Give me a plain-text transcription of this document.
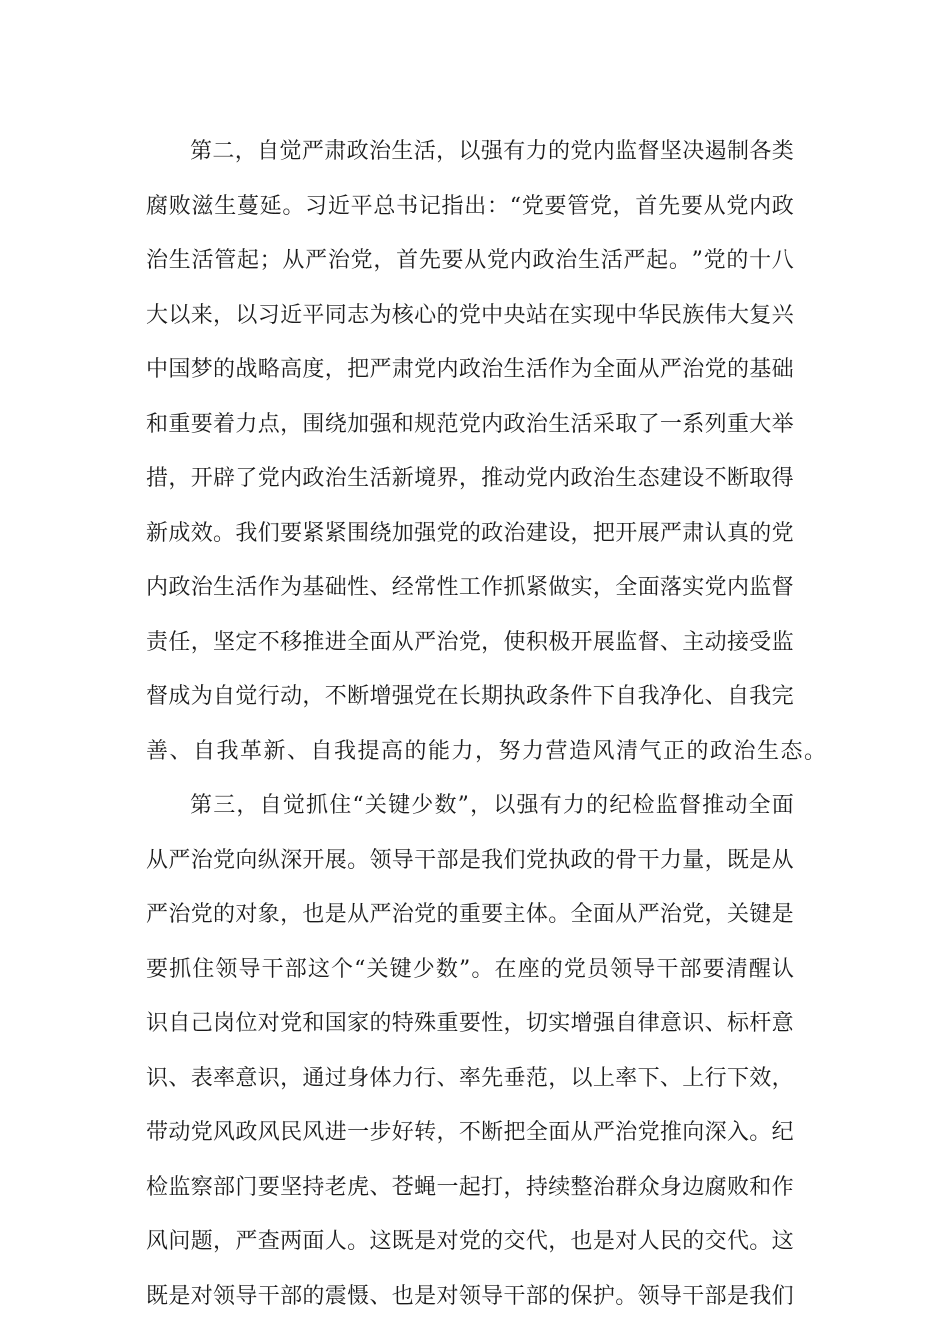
第 二 ， 自 觉 严 肃 政 治 生 活 ， 以 强 有 力 的 党 内 监 督 坚 决 遏 制 各 类
腐 败 滋 生 蔓 延 。 习 近 平 总 书 记 指 出 ： “ 党 要 管 党 ， 首 先 要 从 党 内 政
治 生 活 管 起 ； 从 严 治 党 ， 首 先 要 从 党 内 政 治 生 活 严 起 。 ” 党 的 十 八
大 以 来 ， 以 习 近 平 同 志 为 核 心 的 党 中 央 站 在 实 现 中 华 民 族 伟 大 复 兴
中 国 梦 的 战 略 高 度 ， 把 严 肃 党 内 政 治 生 活 作 为 全 面 从 严 治 党 的 基 础
和 重 要 着 力 点 ， 围 绕 加 强 和 规 范 党 内 政 治 生 活 采 取 了 一 系 列 重 大 举
措 ， 开 辟 了 党 内 政 治 生 活 新 境 界 ， 推 动 党 内 政 治 生 态 建 设 不 断 取 得
新 成 效 。 我 们 要 紧 紧 围 绕 加 强 党 的 政 治 建 设 ， 把 开 展 严 肃 认 真 的 党
内 政 治 生 活 作 为 基 础 性 、 经 常 性 工 作 抓 紧 做 实 ， 全 面 落 实 党 内 监 督
责 任 ， 坚 定 不 移 推 进 全 面 从 严 治 党 ， 使 积 极 开 展 监 督 、 主 动 接 受 监
督 成 为 自 觉 行 动 ， 不 断 增 强 党 在 长 期 执 政 条 件 下 自 我 净 化 、 自 我 完
善、自我革新、自我提高的能力，努力营造风清气正的政治生态。
第 三 ， 自 觉 抓 住 “ 关 键 少 数 ” ， 以 强 有 力 的 纪 检 监 督 推 动 全 面
从 严 治 党 向 纵 深 开 展 。 领 导 干 部 是 我 们 党 执 政 的 骨 干 力 量 ， 既 是 从
严 治 党 的 对 象 ， 也 是 从 严 治 党 的 重 要 主 体 。 全 面 从 严 治 党 ， 关 键 是
要 抓 住 领 导 干 部 这 个 “ 关 键 少 数 ” 。 在 座 的 党 员 领 导 干 部 要 清 醒 认
识 自 己 岗 位 对 党 和 国 家 的 特 殊 重 要 性 ， 切 实 增 强 自 律 意 识 、 标 杆 意
识 、 表 率 意 识 ， 通 过 身 体 力 行 、 率 先 垂 范 ， 以 上 率 下 、 上 行 下 效 ，
带 动 党 风 政 风 民 风 进 一 步 好 转 ， 不 断 把 全 面 从 严 治 党 推 向 深 入 。 纪
检 监 察 部 门 要 坚 持 老 虎 、 苍 蝇 一 起 打 ， 持 续 整 治 群 众 身 边 腐 败 和 作
风 问 题 ， 严 查 两 面 人 。 这 既 是 对 党 的 交 代 ， 也 是 对 人 民 的 交 代 。 这
既 是 对 领 导 干 部 的 震 慑 、 也 是 对 领 导 干 部 的 保 护 。 领 导 干 部 是 我 们
